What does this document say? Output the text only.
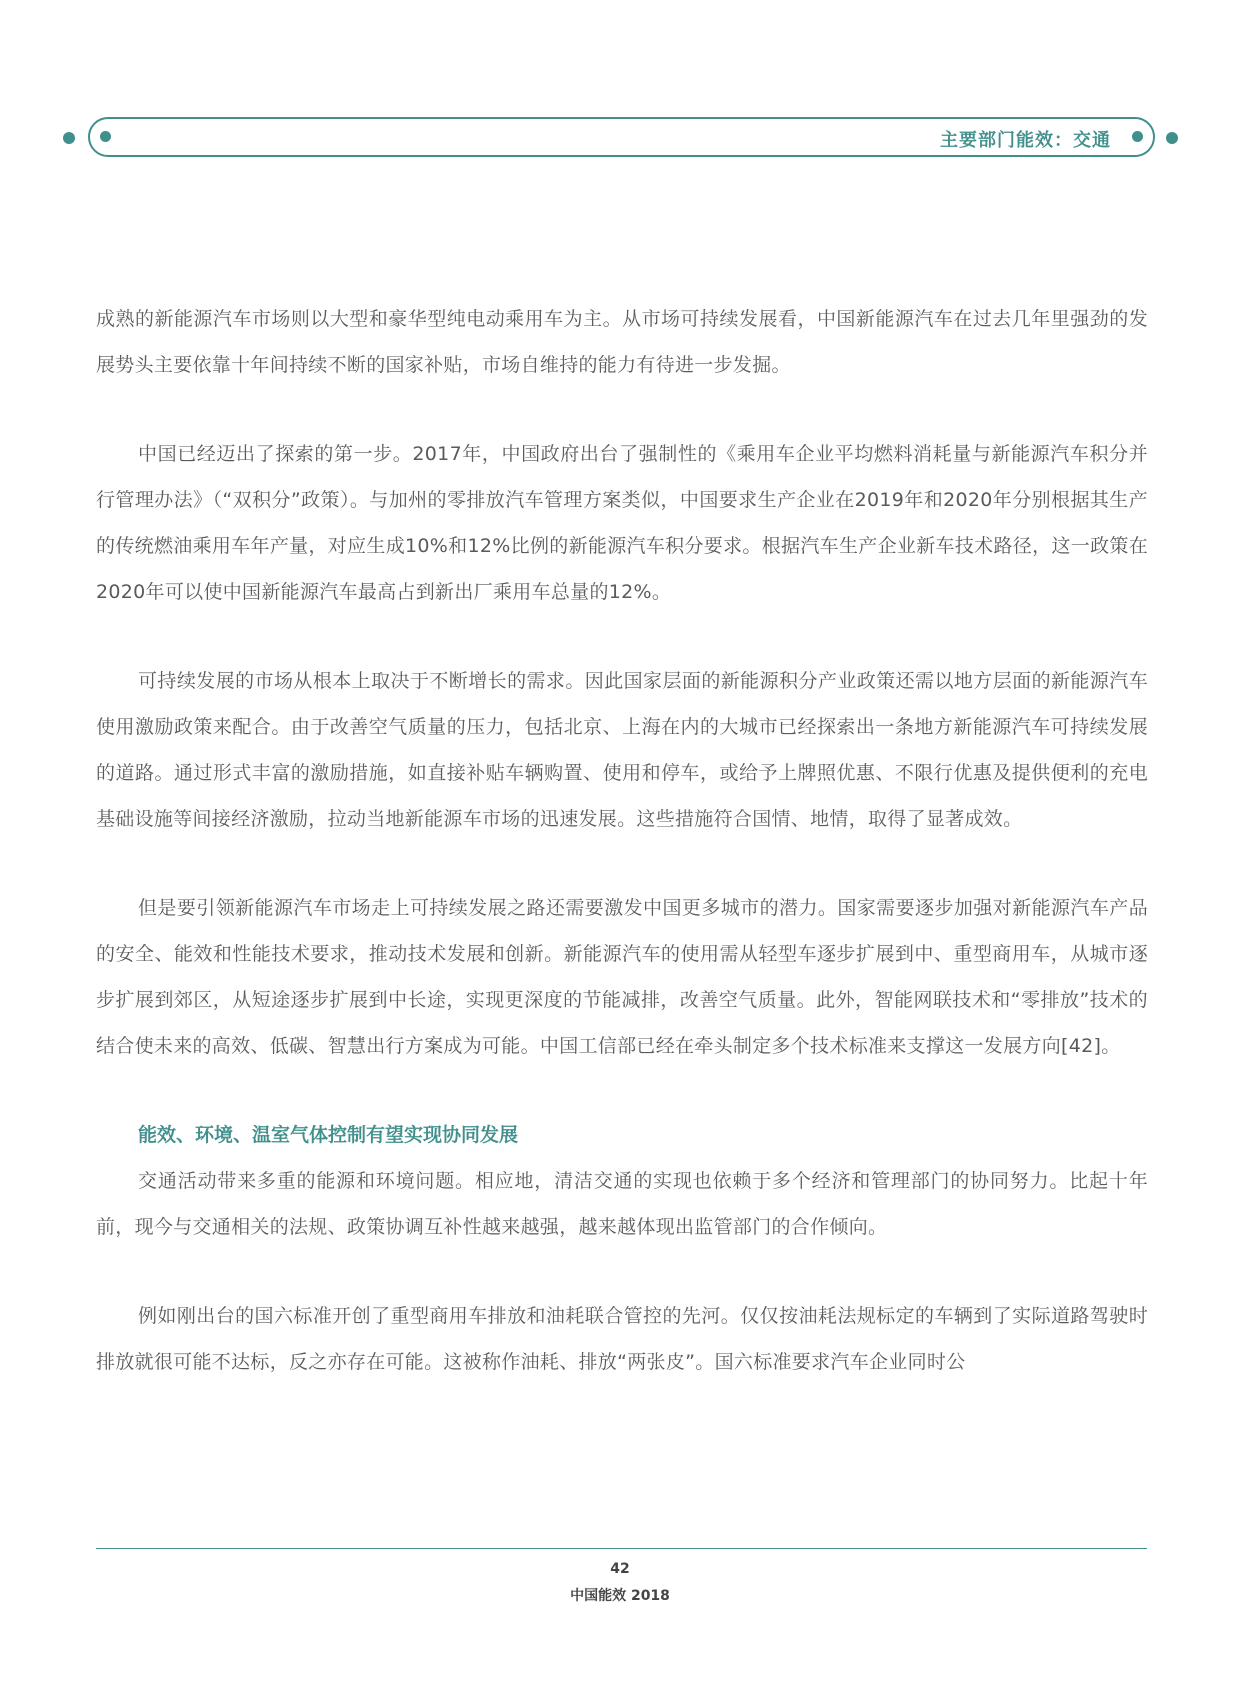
主要部门能效：交通

成熟的新能源汽车市场则以大型和豪华型纯电动乘用车为主。从市场可持续发展看，中国新能源汽车在过去几年里强劲的发展势头主要依靠十年间持续不断的国家补贴，市场自维持的能力有待进一步发掘。

中国已经迈出了探索的第一步。2017年，中国政府出台了强制性的《乘用车企业平均燃料消耗量与新能源汽车积分并行管理办法》（“双积分”政策）。与加州的零排放汽车管理方案类似，中国要求生产企业在2019年和2020年分别根据其生产的传统燃油乘用车年产量，对应生成10%和12%比例的新能源汽车积分要求。根据汽车生产企业新车技术路径，这一政策在2020年可以使中国新能源汽车最高占到新出厂乘用车总量的12%。

可持续发展的市场从根本上取决于不断增长的需求。因此国家层面的新能源积分产业政策还需以地方层面的新能源汽车使用激励政策来配合。由于改善空气质量的压力，包括北京、上海在内的大城市已经探索出一条地方新能源汽车可持续发展的道路。通过形式丰富的激励措施，如直接补贴车辆购置、使用和停车，或给予上牌照优惠、不限行优惠及提供便利的充电基础设施等间接经济激励，拉动当地新能源车市场的迅速发展。这些措施符合国情、地情，取得了显著成效。

但是要引领新能源汽车市场走上可持续发展之路还需要激发中国更多城市的潜力。国家需要逐步加强对新能源汽车产品的安全、能效和性能技术要求，推动技术发展和创新。新能源汽车的使用需从轻型车逐步扩展到中、重型商用车，从城市逐步扩展到郊区，从短途逐步扩展到中长途，实现更深度的节能减排，改善空气质量。此外，智能网联技术和“零排放”技术的结合使未来的高效、低碳、智慧出行方案成为可能。中国工信部已经在牵头制定多个技术标准来支撑这一发展方向[42]。

能效、环境、温室气体控制有望实现协同发展

交通活动带来多重的能源和环境问题。相应地，清洁交通的实现也依赖于多个经济和管理部门的协同努力。比起十年前，现今与交通相关的法规、政策协调互补性越来越强，越来越体现出监管部门的合作倾向。

例如刚出台的国六标准开创了重型商用车排放和油耗联合管控的先河。仅仅按油耗法规标定的车辆到了实际道路驾驶时排放就很可能不达标，反之亦存在可能。这被称作油耗、排放“两张皮”。国六标准要求汽车企业同时公

42
中国能效 2018
